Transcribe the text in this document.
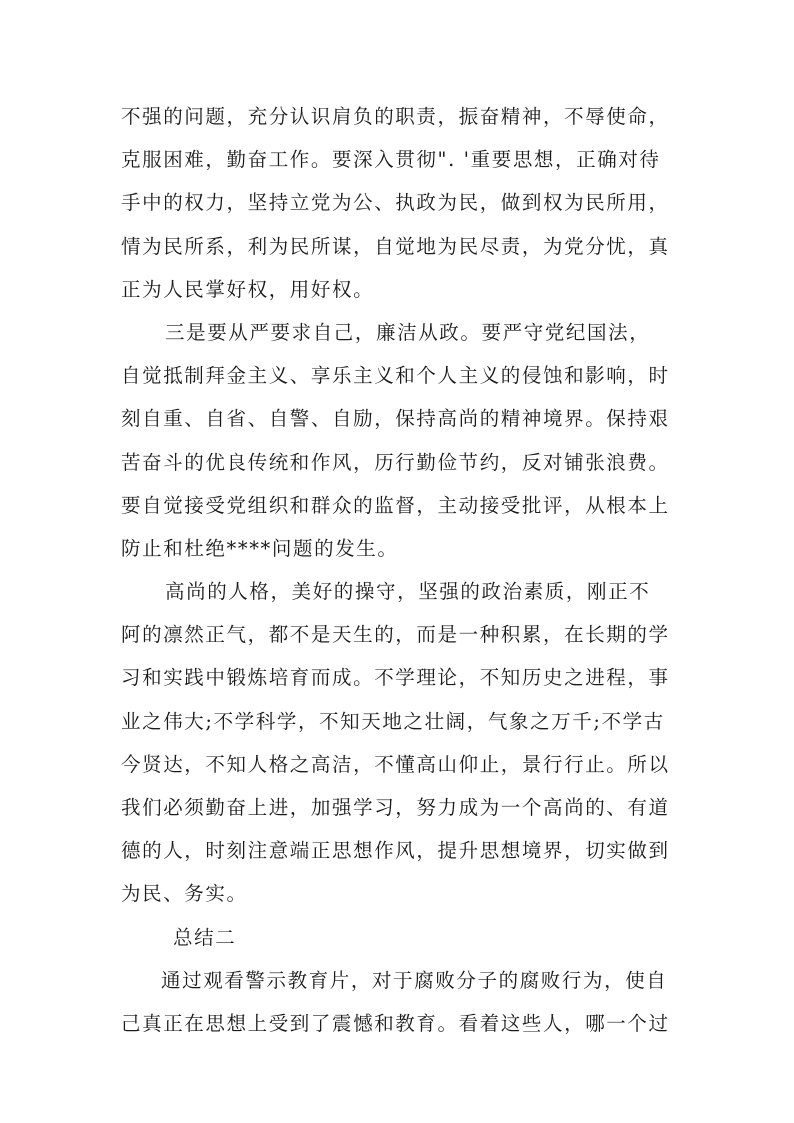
不强的问题，充分认识肩负的职责，振奋精神，不辱使命，
克服困难，勤奋工作。要深入贯彻". '重要思想，正确对待
手中的权力，坚持立党为公、执政为民，做到权为民所用，
情为民所系，利为民所谋，自觉地为民尽责，为党分忧，真
正为人民掌好权，用好权。
三是要从严要求自己，廉洁从政。要严守党纪国法，
自觉抵制拜金主义、享乐主义和个人主义的侵蚀和影响，时
刻自重、自省、自警、自励，保持高尚的精神境界。保持艰
苦奋斗的优良传统和作风，历行勤俭节约，反对铺张浪费。
要自觉接受党组织和群众的监督，主动接受批评，从根本上
防止和杜绝****问题的发生。
高尚的人格，美好的操守，坚强的政治素质，刚正不
阿的凛然正气，都不是天生的，而是一种积累，在长期的学
习和实践中锻炼培育而成。不学理论，不知历史之进程，事
业之伟大;不学科学，不知天地之壮阔，气象之万千;不学古
今贤达，不知人格之高洁，不懂高山仰止，景行行止。所以
我们必须勤奋上进，加强学习，努力成为一个高尚的、有道
德的人，时刻注意端正思想作风，提升思想境界，切实做到
为民、务实。
总结二
通过观看警示教育片，对于腐败分子的腐败行为，使自
己真正在思想上受到了震憾和教育。看着这些人，哪一个过
